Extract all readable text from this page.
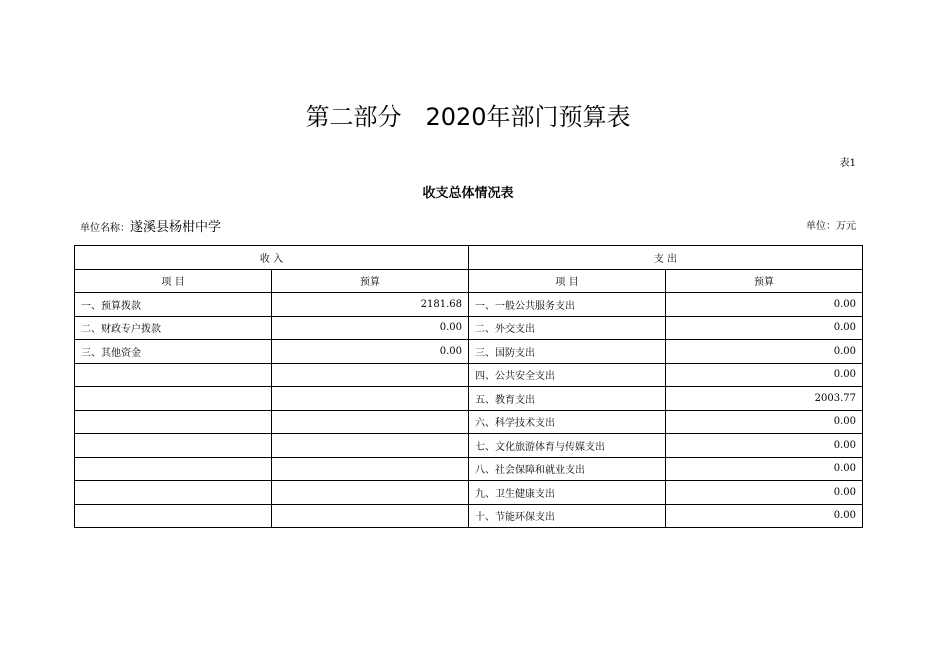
第二部分　2020年部门预算表
表1
收支总体情况表
单位名称：遂溪县杨柑中学	单位：万元
收 入		支 出	
项 目	预算	项 目	预算
一、预算拨款	2181.68	一、一般公共服务支出	0.00
二、财政专户拨款	0.00	二、外交支出	0.00
三、其他资金	0.00	三、国防支出	0.00
		四、公共安全支出	0.00
		五、教育支出	2003.77
		六、科学技术支出	0.00
		七、文化旅游体育与传媒支出	0.00
		八、社会保障和就业支出	0.00
		九、卫生健康支出	0.00
		十、节能环保支出	0.00
